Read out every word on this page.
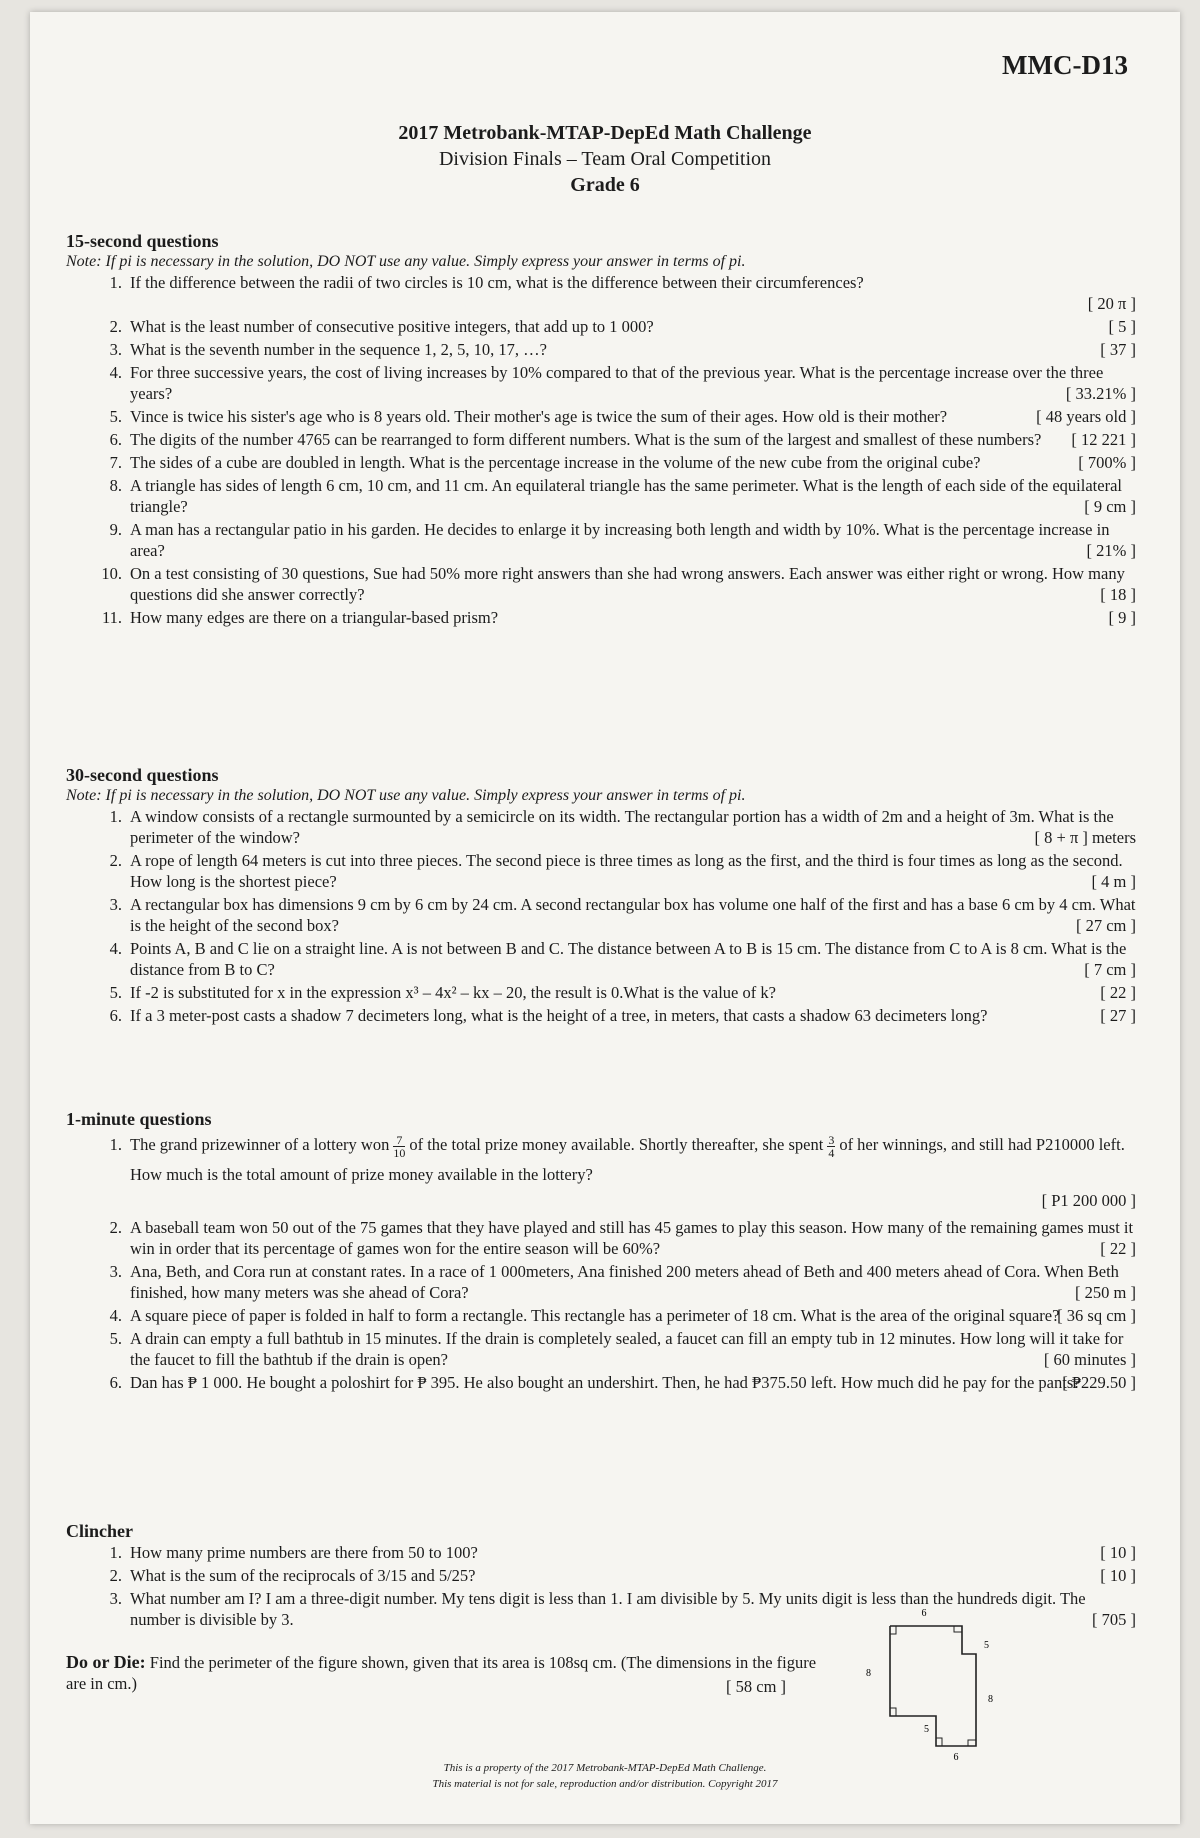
MMC-D13
2017 Metrobank-MTAP-DepEd Math Challenge
Division Finals – Team Oral Competition
Grade 6
15-second questions
Note: If pi is necessary in the solution, DO NOT use any value. Simply express your answer in terms of pi.
1. If the difference between the radii of two circles is 10 cm, what is the difference between their circumferences?
[ 20 π ]
2. What is the least number of consecutive positive integers, that add up to 1 000?	[ 5 ]
3. What is the seventh number in the sequence 1, 2, 5, 10, 17, …?	[ 37 ]
4. For three successive years, the cost of living increases by 10% compared to that of the previous year. What is the percentage increase over the three years?	[ 33.21% ]
5. Vince is twice his sister's age who is 8 years old. Their mother's age is twice the sum of their ages. How old is their mother?	[ 48 years old ]
6. The digits of the number 4765 can be rearranged to form different numbers. What is the sum of the largest and smallest of these numbers?	[ 12 221 ]
7. The sides of a cube are doubled in length. What is the percentage increase in the volume of the new cube from the original cube?	[ 700% ]
8. A triangle has sides of length 6 cm, 10 cm, and 11 cm. An equilateral triangle has the same perimeter. What is the length of each side of the equilateral triangle?	[ 9 cm ]
9. A man has a rectangular patio in his garden. He decides to enlarge it by increasing both length and width by 10%. What is the percentage increase in area?	[ 21% ]
10. On a test consisting of 30 questions, Sue had 50% more right answers than she had wrong answers. Each answer was either right or wrong. How many questions did she answer correctly?	[ 18 ]
11. How many edges are there on a triangular-based prism?	[ 9 ]
30-second questions
Note: If pi is necessary in the solution, DO NOT use any value. Simply express your answer in terms of pi.
1. A window consists of a rectangle surmounted by a semicircle on its width. The rectangular portion has a width of 2m and a height of 3m. What is the perimeter of the window?	[ 8 + π ] meters
2. A rope of length 64 meters is cut into three pieces. The second piece is three times as long as the first, and the third is four times as long as the second. How long is the shortest piece?	[ 4 m ]
3. A rectangular box has dimensions 9 cm by 6 cm by 24 cm. A second rectangular box has volume one half of the first and has a base 6 cm by 4 cm. What is the height of the second box?	[ 27 cm ]
4. Points A, B and C lie on a straight line. A is not between B and C. The distance between A to B is 15 cm. The distance from C to A is 8 cm. What is the distance from B to C?	[ 7 cm ]
5. If -2 is substituted for x in the expression x³ – 4x² – kx – 20, the result is 0.What is the value of k?	[ 22 ]
6. If a 3 meter-post casts a shadow 7 decimeters long, what is the height of a tree, in meters, that casts a shadow 63 decimeters long?	[ 27 ]
1-minute questions
1. The grand prizewinner of a lottery won $\frac{7}{10}$ of the total prize money available. Shortly thereafter, she spent $\frac{3}{4}$ of her winnings, and still had P210000 left. How much is the total amount of prize money available in the lottery?
[ P1 200 000 ]
2. A baseball team won 50 out of the 75 games that they have played and still has 45 games to play this season. How many of the remaining games must it win in order that its percentage of games won for the entire season will be 60%?	[ 22 ]
3. Ana, Beth, and Cora run at constant rates. In a race of 1 000meters, Ana finished 200 meters ahead of Beth and 400 meters ahead of Cora. When Beth finished, how many meters was she ahead of Cora?	[ 250 m ]
4. A square piece of paper is folded in half to form a rectangle. This rectangle has a perimeter of 18 cm. What is the area of the original square?
[ 36 sq cm ]
5. A drain can empty a full bathtub in 15 minutes. If the drain is completely sealed, a faucet can fill an empty tub in 12 minutes. How long will it take for the faucet to fill the bathtub if the drain is open?	[ 60 minutes ]
6. Dan has ₱ 1 000. He bought a poloshirt for ₱ 395. He also bought an undershirt. Then, he had ₱375.50 left. How much did he pay for the pants?
[ ₱229.50 ]
Clincher
1. How many prime numbers are there from 50 to 100?	[ 10 ]
2. What is the sum of the reciprocals of 3/15 and 5/25?	[ 10 ]
3. What number am I? I am a three-digit number. My tens digit is less than 1. I am divisible by 5. My units digit is less than the hundreds digit. The number is divisible by 3.	[ 705 ]
Do or Die: Find the perimeter of the figure shown, given that its area is 108sq cm. (The dimensions in the figure are in cm.)	[ 58 cm ]
6
5
8
8
5
6
This is a property of the 2017 Metrobank-MTAP-DepEd Math Challenge.
This material is not for sale, reproduction and/or distribution. Copyright 2017
